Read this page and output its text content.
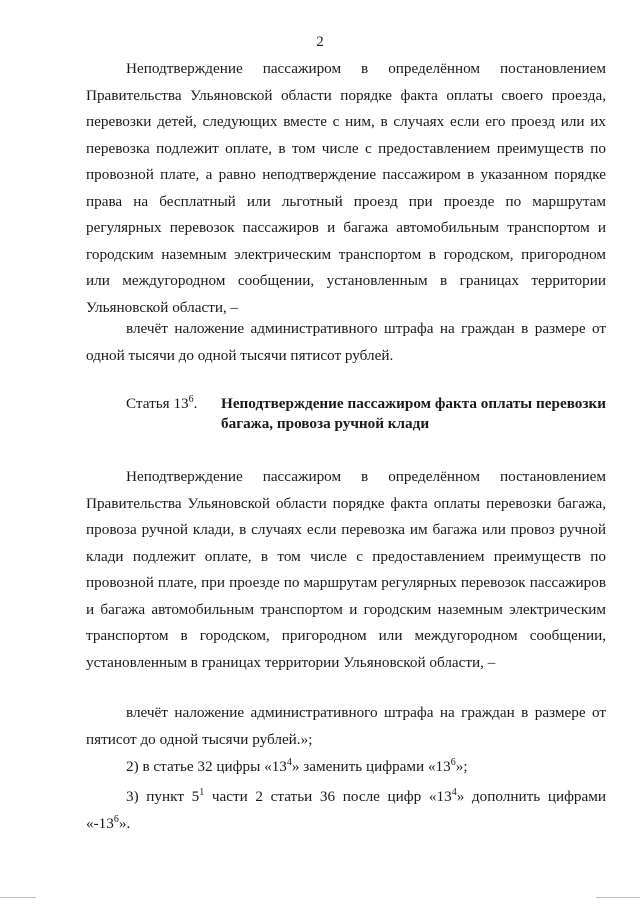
2

Неподтверждение пассажиром в определённом постановлением Правительства Ульяновской области порядке факта оплаты своего проезда, перевозки детей, следующих вместе с ним, в случаях если его проезд или их перевозка подлежит оплате, в том числе с предоставлением преимуществ по провозной плате, а равно неподтверждение пассажиром в указанном порядке права на бесплатный или льготный проезд при проезде по маршрутам регулярных перевозок пассажиров и багажа автомобильным транспортом и городским наземным электрическим транспортом в городском, пригородном или междугородном сообщении, установленным в границах территории Ульяновской области, –

влечёт наложение административного штрафа на граждан в размере от одной тысячи до одной тысячи пятисот рублей.

Статья $13^6$.	Неподтверждение пассажиром факта оплаты перевозки багажа, провоза ручной клади

Неподтверждение пассажиром в определённом постановлением Правительства Ульяновской области порядке факта оплаты перевозки багажа, провоза ручной клади, в случаях если перевозка им багажа или провоз ручной клади подлежит оплате, в том числе с предоставлением преимуществ по провозной плате, при проезде по маршрутам регулярных перевозок пассажиров и багажа автомобильным транспортом и городским наземным электрическим транспортом в городском, пригородном или междугородном сообщении, установленным в границах территории Ульяновской области, –

влечёт наложение административного штрафа на граждан в размере от пятисот до одной тысячи рублей.»;

2) в статье 32 цифры «$13^4$» заменить цифрами «$13^6$»;

3) пункт $5^1$ части 2 статьи 36 после цифр «$13^4$» дополнить цифрами «$-13^6$».
